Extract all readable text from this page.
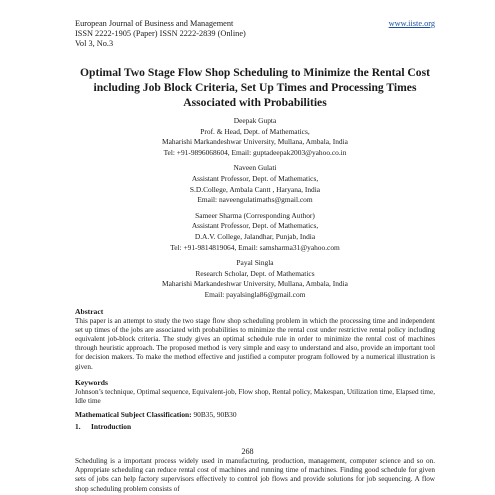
European Journal of Business and Management
ISSN 2222-1905 (Paper) ISSN 2222-2839 (Online)
Vol 3, No.3
www.iiste.org
Optimal Two Stage Flow Shop Scheduling to Minimize the Rental Cost including Job Block Criteria, Set Up Times and Processing Times Associated with Probabilities
Deepak Gupta
Prof. & Head, Dept. of Mathematics,
Maharishi Markandeshwar University, Mullana, Ambala, India
Tel: +91-9896068604, Email: guptadeepak2003@yahoo.co.in
Naveen Gulati
Assistant Professor, Dept. of Mathematics,
S.D.College, Ambala Cantt , Haryana, India
Email: naveengulatimaths@gmail.com
Sameer Sharma (Corresponding Author)
Assistant Professor, Dept. of Mathematics,
D.A.V. College, Jalandhar, Punjab, India
Tel: +91-9814819064, Email: samsharma31@yahoo.com
Payal Singla
Research Scholar, Dept. of Mathematics
Maharishi Markandeshwar University, Mullana, Ambala, India
Email: payalsingla86@gmail.com
Abstract
This paper is an attempt to study the two stage flow shop scheduling problem in which the processing time and independent set up times of the jobs are associated with probabilities to minimize the rental cost under restrictive rental policy including equivalent job-block criteria. The study gives an optimal schedule rule in order to minimize the rental cost of machines through heuristic approach. The proposed method is very simple and easy to understand and also, provide an important tool for decision makers. To make the method effective and justified a computer program followed by a numerical illustration is given.
Keywords
Johnson’s technique, Optimal sequence, Equivalent-job, Flow shop, Rental policy, Makespan, Utilization time, Elapsed time, Idle time
Mathematical Subject Classification: 90B35, 90B30
1. Introduction
268
Scheduling is a important process widely used in manufacturing, production, management, computer science and so on. Appropriate scheduling can reduce rental cost of machines and running time of machines. Finding good schedule for given sets of jobs can help factory supervisors effectively to control job flows and provide solutions for job sequencing. A flow shop scheduling problem consists of
